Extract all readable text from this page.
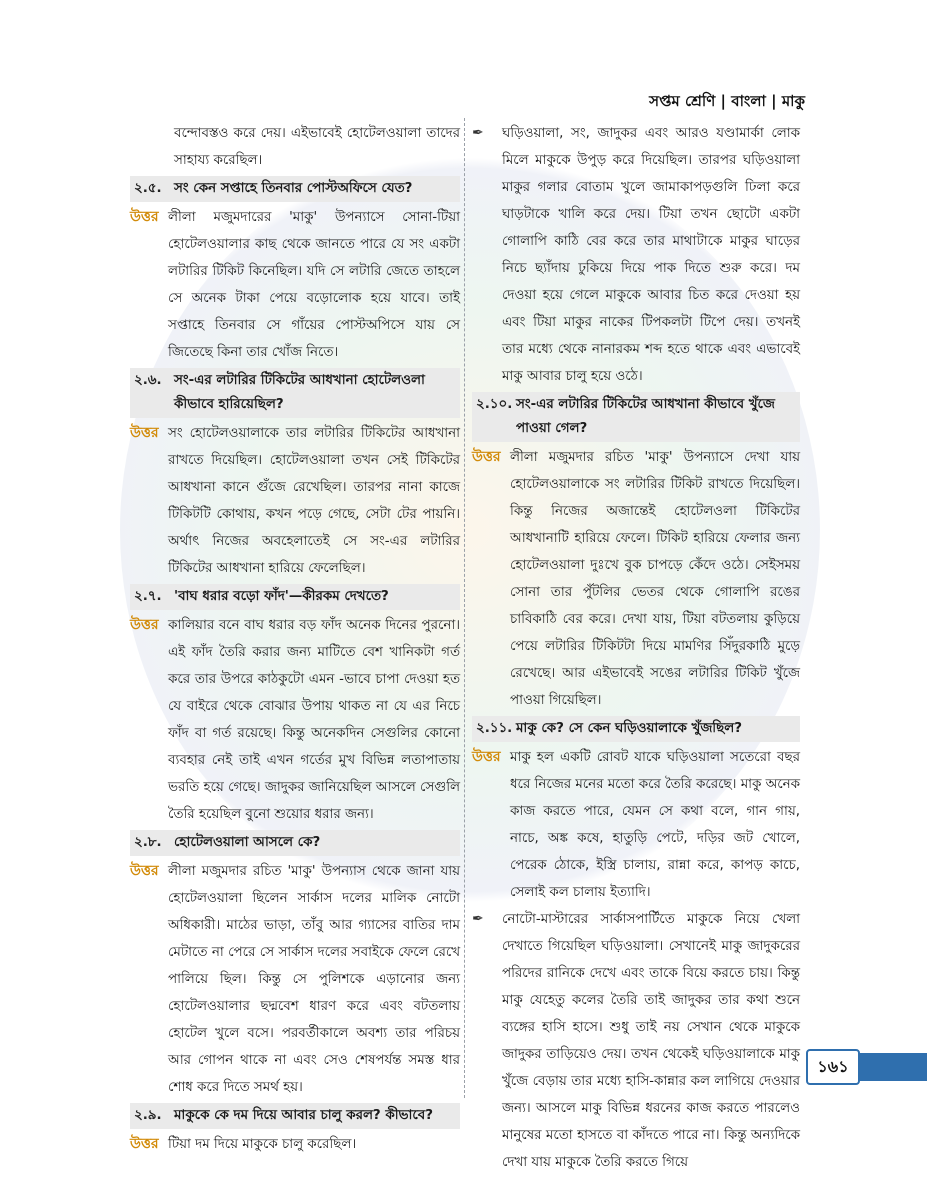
সপ্তম শ্রেণি | বাংলা | মাকু

বন্দোবস্তও করে দেয়। এইভাবেই হোটেলওয়ালা তাদের সাহায্য করেছিল।

২.৫. সং কেন সপ্তাহে তিনবার পোস্টঅফিসে যেত?
উত্তর লীলা মজুমদারের 'মাকু' উপন্যাসে সোনা-টিয়া হোটেলওয়ালার কাছ থেকে জানতে পারে যে সং একটা লটারির টিকিট কিনেছিল। যদি সে লটারি জেতে তাহলে সে অনেক টাকা পেয়ে বড়োলোক হয়ে যাবে। তাই সপ্তাহে তিনবার সে গাঁয়ের পোস্টঅপিসে যায় সে জিতেছে কিনা তার খোঁজ নিতে।
২.৬. সং-এর লটারির টিকিটের আধখানা হোটেলওলা কীভাবে হারিয়েছিল?
উত্তর সং হোটেলওয়ালাকে তার লটারির টিকিটের আধখানা রাখতে দিয়েছিল। হোটেলওয়ালা তখন সেই টিকিটের আধখানা কানে গুঁজে রেখেছিল। তারপর নানা কাজে টিকিটটি কোথায়, কখন পড়ে গেছে, সেটা টের পায়নি। অর্থাৎ নিজের অবহেলাতেই সে সং-এর লটারির টিকিটের আধখানা হারিয়ে ফেলেছিল।
২.৭. 'বাঘ ধরার বড়ো ফাঁদ'—কীরকম দেখতে?
উত্তর কালিয়ার বনে বাঘ ধরার বড় ফাঁদ অনেক দিনের পুরনো। এই ফাঁদ তৈরি করার জন্য মাটিতে বেশ খানিকটা গর্ত করে তার উপরে কাঠকুটো এমন -ভাবে চাপা দেওয়া হত যে বাইরে থেকে বোঝার উপায় থাকত না যে এর নিচে ফাঁদ বা গর্ত রয়েছে। কিন্তু অনেকদিন সেগুলির কোনো ব্যবহার নেই তাই এখন গর্তের মুখ বিভিন্ন লতাপাতায় ভরতি হয়ে গেছে। জাদুকর জানিয়েছিল আসলে সেগুলি তৈরি হয়েছিল বুনো শুয়োর ধরার জন্য।
২.৮. হোটেলওয়ালা আসলে কে?
উত্তর লীলা মজুমদার রচিত 'মাকু' উপন্যাস থেকে জানা যায় হোটেলওয়ালা ছিলেন সার্কাস দলের মালিক নোটো অধিকারী। মাঠের ভাড়া, তাঁবু আর গ্যাসের বাতির দাম মেটাতে না পেরে সে সার্কাস দলের সবাইকে ফেলে রেখে পালিয়ে ছিল। কিন্তু সে পুলিশকে এড়ানোর জন্য হোটেলওয়ালার ছদ্মবেশ ধারণ করে এবং বটতলায় হোটেল খুলে বসে। পরবর্তীকালে অবশ্য তার পরিচয় আর গোপন থাকে না এবং সেও শেষপর্যন্ত সমস্ত ধার শোধ করে দিতে সমর্থ হয়।
২.৯. মাকুকে কে দম দিয়ে আবার চালু করল? কীভাবে?
উত্তর টিয়া দম দিয়ে মাকুকে চালু করেছিল।
✒	ঘড়িওয়ালা, সং, জাদুকর এবং আরও যণ্ডামার্কা লোক মিলে মাকুকে উপুড় করে দিয়েছিল। তারপর ঘড়িওয়ালা মাকুর গলার বোতাম খুলে জামাকাপড়গুলি ঢিলা করে ঘাড়টাকে খালি করে দেয়। টিয়া তখন ছোটো একটা গোলাপি কাঠি বের করে তার মাথাটাকে মাকুর ঘাড়ের নিচে ছ্যাঁদায় ঢুকিয়ে দিয়ে পাক দিতে শুরু করে। দম দেওয়া হয়ে গেলে মাকুকে আবার চিত করে দেওয়া হয় এবং টিয়া মাকুর নাকের টিপকলটা টিপে দেয়। তখনই তার মধ্যে থেকে নানারকম শব্দ হতে থাকে এবং এভাবেই মাকু আবার চালু হয়ে ওঠে।
২.১০. সং-এর লটারির টিকিটের আধখানা কীভাবে খুঁজে পাওয়া গেল?
উত্তর লীলা মজুমদার রচিত 'মাকু' উপন্যাসে দেখা যায় হোটেলওয়ালাকে সং লটারির টিকিট রাখতে দিয়েছিল। কিন্তু নিজের অজান্তেই হোটেলওলা টিকিটের আধখানাটি হারিয়ে ফেলে। টিকিট হারিয়ে ফেলার জন্য হোটেলওয়ালা দুঃখে বুক চাপড়ে কেঁদে ওঠে। সেইসময় সোনা তার পুঁটলির ভেতর থেকে গোলাপি রঙের চাবিকাঠি বের করে। দেখা যায়, টিয়া বটতলায় কুড়িয়ে পেয়ে লটারির টিকিটটা দিয়ে মামণির সিঁদুরকাঠি মুড়ে রেখেছে। আর এইভাবেই সঙের লটারির টিকিট খুঁজে পাওয়া গিয়েছিল।
২.১১. মাকু কে? সে কেন ঘড়িওয়ালাকে খুঁজছিল?
উত্তর মাকু হল একটি রোবট যাকে ঘড়িওয়ালা সতেরো বছর ধরে নিজের মনের মতো করে তৈরি করেছে। মাকু অনেক কাজ করতে পারে, যেমন সে কথা বলে, গান গায়, নাচে, অঙ্ক কষে, হাতুড়ি পেটে, দড়ির জট খোলে, পেরেক ঠোকে, ইস্ত্রি চালায়, রান্না করে, কাপড় কাচে, সেলাই কল চালায় ইত্যাদি।
✒	নোটো-মাস্টারের সার্কাসপার্টিতে মাকুকে নিয়ে খেলা দেখাতে গিয়েছিল ঘড়িওয়ালা। সেখানেই মাকু জাদুকরের পরিদের রানিকে দেখে এবং তাকে বিয়ে করতে চায়। কিন্তু মাকু যেহেতু কলের তৈরি তাই জাদুকর তার কথা শুনে ব্যঙ্গের হাসি হাসে। শুধু তাই নয় সেখান থেকে মাকুকে জাদুকর তাড়িয়েও দেয়। তখন থেকেই ঘড়িওয়ালাকে মাকু খুঁজে বেড়ায় তার মধ্যে হাসি-কান্নার কল লাগিয়ে দেওয়ার জন্য। আসলে মাকু বিভিন্ন ধরনের কাজ করতে পারলেও মানুষের মতো হাসতে বা কাঁদতে পারে না। কিন্তু অন্যদিকে দেখা যায় মাকুকে তৈরি করতে গিয়ে
১৬১
